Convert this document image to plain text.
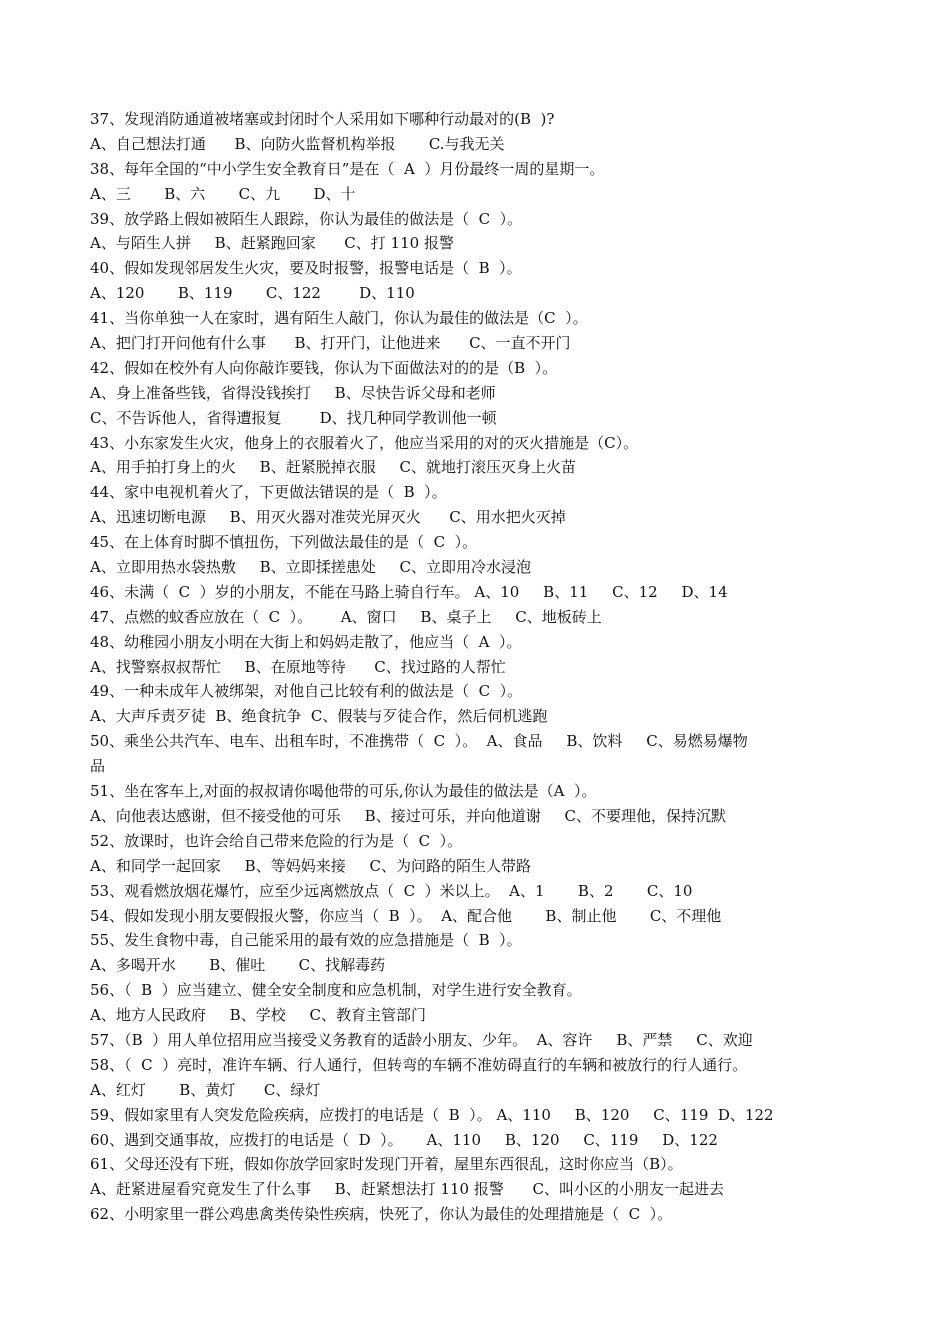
37、发现消防通道被堵塞或封闭时个人采用如下哪种行动最对的(B  )?
A、自己想法打通      B、向防火监督机构举报       C.与我无关
38、每年全国的“中小学生安全教育日”是在（  A  ）月份最终一周的星期一。
A、三       B、六       C、九       D、十
39、放学路上假如被陌生人跟踪，你认为最佳的做法是（  C  ）。
A、与陌生人拼     B、赶紧跑回家      C、打 110 报警
40、假如发现邻居发生火灾，要及时报警，报警电话是（  B  ）。
A、120       B、119       C、122        D、110
41、当你单独一人在家时，遇有陌生人敲门，你认为最佳的做法是（C  ）。
A、把门打开问他有什么事      B、打开门，让他进来      C、一直不开门
42、假如在校外有人向你敲诈要钱，你认为下面做法对的的是（B  ）。
A、身上准备些钱，省得没钱挨打     B、尽快告诉父母和老师
C、不告诉他人，省得遭报复        D、找几种同学教训他一顿
43、小东家发生火灾，他身上的衣服着火了，他应当采用的对的灭火措施是（C）。
A、用手拍打身上的火     B、赶紧脱掉衣服     C、就地打滚压灭身上火苗
44、家中电视机着火了，下更做法错误的是（  B  ）。
A、迅速切断电源     B、用灭火器对准荧光屏灭火      C、用水把火灭掉
45、在上体育时脚不慎扭伤，下列做法最佳的是（  C  ）。
A、立即用热水袋热敷     B、立即揉搓患处     C、立即用冷水浸泡
46、未满（  C  ）岁的小朋友，不能在马路上骑自行车。 A、10     B、11     C、12     D、14
47、点燃的蚊香应放在（  C  ）。      A、窗口     B、桌子上     C、地板砖上
48、幼稚园小朋友小明在大街上和妈妈走散了，他应当（  A  ）。
A、找警察叔叔帮忙     B、在原地等待      C、找过路的人帮忙
49、一种未成年人被绑架，对他自己比较有利的做法是（  C  ）。
A、大声斥责歹徒  B、绝食抗争  C、假装与歹徒合作，然后伺机逃跑
50、乘坐公共汽车、电车、出租车时，不准携带（  C  ）。  A、食品     B、饮料     C、易燃易爆物
品
51、坐在客车上,对面的叔叔请你喝他带的可乐,你认为最佳的做法是（A  ）。
A、向他表达感谢，但不接受他的可乐     B、接过可乐，并向他道谢     C、不要理他，保持沉默
52、放课时，也许会给自己带来危险的行为是（  C  ）。
A、和同学一起回家     B、等妈妈来接     C、为问路的陌生人带路
53、观看燃放烟花爆竹，应至少远离燃放点（  C  ）米以上。  A、1       B、2       C、10
54、假如发现小朋友要假报火警，你应当（  B  ）。  A、配合他       B、制止他       C、不理他
55、发生食物中毒，自己能采用的最有效的应急措施是（  B  ）。
A、多喝开水       B、催吐       C、找解毒药
56、（  B  ）应当建立、健全安全制度和应急机制，对学生进行安全教育。
A、地方人民政府     B、学校     C、教育主管部门
57、（B  ）用人单位招用应当接受义务教育的适龄小朋友、少年。  A、容许     B、严禁     C、欢迎
58、（  C  ）亮时，准许车辆、行人通行，但转弯的车辆不准妨碍直行的车辆和被放行的行人通行。
A、红灯       B、黄灯      C、绿灯
59、假如家里有人突发危险疾病，应拨打的电话是（  B  ）。 A、110     B、120     C、119  D、122
60、遇到交通事故，应拨打的电话是（  D  ）。     A、110     B、120     C、119     D、122
61、父母还没有下班，假如你放学回家时发现门开着，屋里东西很乱，这时你应当（B）。
A、赶紧进屋看究竟发生了什么事     B、赶紧想法打 110 报警      C、叫小区的小朋友一起进去
62、小明家里一群公鸡患禽类传染性疾病，快死了，你认为最佳的处理措施是（  C  ）。
